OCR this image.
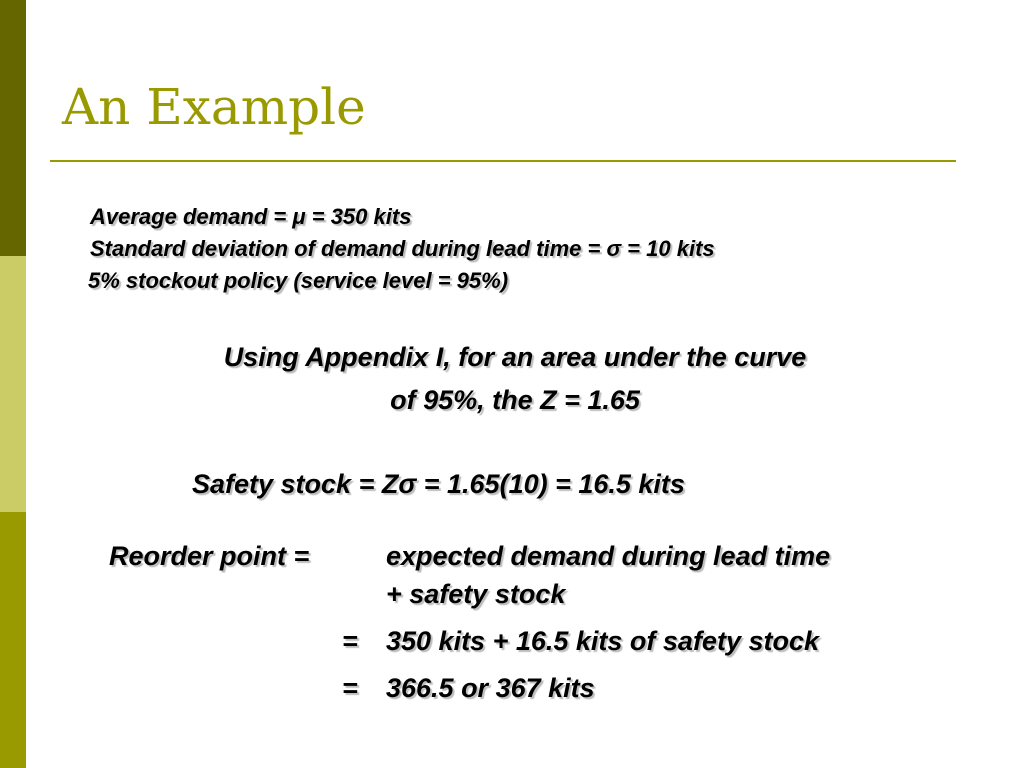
An Example
Average demand = μ = 350 kits
Standard deviation of demand during lead time = σ = 10 kits
5% stockout policy (service level = 95%)
Using Appendix I, for an area under the curve
of 95%, the Z = 1.65
Safety stock = Zσ = 1.65(10) = 16.5 kits
Reorder point =	expected demand during lead time
+ safety stock
= 350 kits + 16.5 kits of safety stock
= 366.5 or 367 kits
